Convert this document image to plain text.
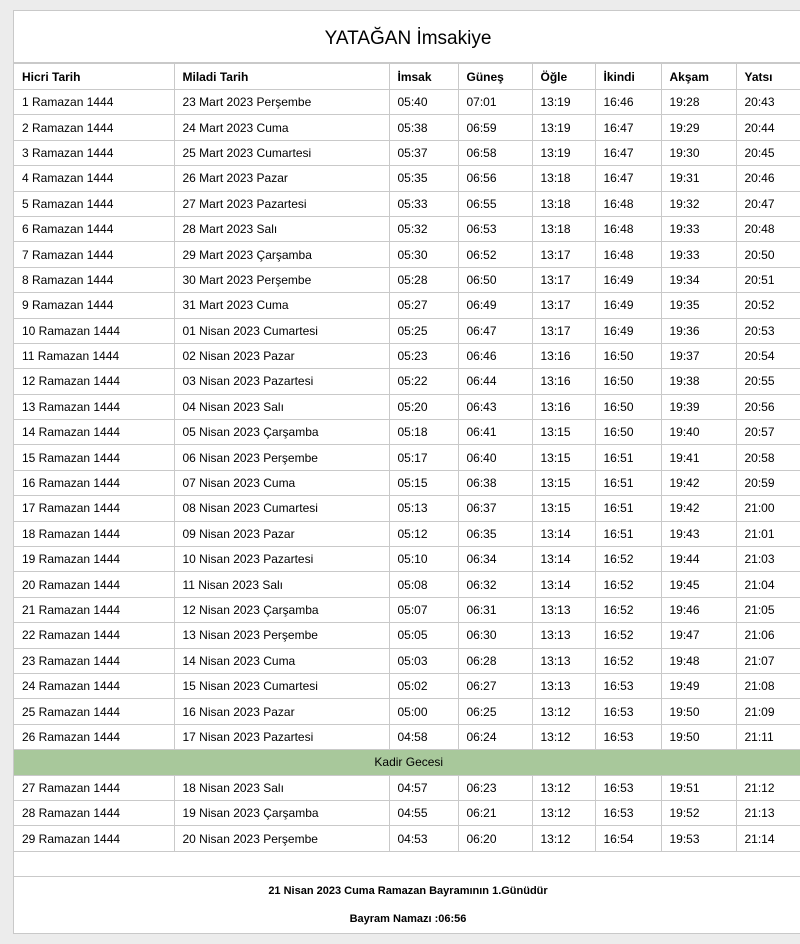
YATAĞAN İmsakiye
Hicri Tarih	Miladi Tarih	İmsak	Güneş	Öğle	İkindi	Akşam	Yatsı
1 Ramazan 1444	23 Mart 2023 Perşembe	05:40	07:01	13:19	16:46	19:28	20:43
2 Ramazan 1444	24 Mart 2023 Cuma	05:38	06:59	13:19	16:47	19:29	20:44
3 Ramazan 1444	25 Mart 2023 Cumartesi	05:37	06:58	13:19	16:47	19:30	20:45
4 Ramazan 1444	26 Mart 2023 Pazar	05:35	06:56	13:18	16:47	19:31	20:46
5 Ramazan 1444	27 Mart 2023 Pazartesi	05:33	06:55	13:18	16:48	19:32	20:47
6 Ramazan 1444	28 Mart 2023 Salı	05:32	06:53	13:18	16:48	19:33	20:48
7 Ramazan 1444	29 Mart 2023 Çarşamba	05:30	06:52	13:17	16:48	19:33	20:50
8 Ramazan 1444	30 Mart 2023 Perşembe	05:28	06:50	13:17	16:49	19:34	20:51
9 Ramazan 1444	31 Mart 2023 Cuma	05:27	06:49	13:17	16:49	19:35	20:52
10 Ramazan 1444	01 Nisan 2023 Cumartesi	05:25	06:47	13:17	16:49	19:36	20:53
11 Ramazan 1444	02 Nisan 2023 Pazar	05:23	06:46	13:16	16:50	19:37	20:54
12 Ramazan 1444	03 Nisan 2023 Pazartesi	05:22	06:44	13:16	16:50	19:38	20:55
13 Ramazan 1444	04 Nisan 2023 Salı	05:20	06:43	13:16	16:50	19:39	20:56
14 Ramazan 1444	05 Nisan 2023 Çarşamba	05:18	06:41	13:15	16:50	19:40	20:57
15 Ramazan 1444	06 Nisan 2023 Perşembe	05:17	06:40	13:15	16:51	19:41	20:58
16 Ramazan 1444	07 Nisan 2023 Cuma	05:15	06:38	13:15	16:51	19:42	20:59
17 Ramazan 1444	08 Nisan 2023 Cumartesi	05:13	06:37	13:15	16:51	19:42	21:00
18 Ramazan 1444	09 Nisan 2023 Pazar	05:12	06:35	13:14	16:51	19:43	21:01
19 Ramazan 1444	10 Nisan 2023 Pazartesi	05:10	06:34	13:14	16:52	19:44	21:03
20 Ramazan 1444	11 Nisan 2023 Salı	05:08	06:32	13:14	16:52	19:45	21:04
21 Ramazan 1444	12 Nisan 2023 Çarşamba	05:07	06:31	13:13	16:52	19:46	21:05
22 Ramazan 1444	13 Nisan 2023 Perşembe	05:05	06:30	13:13	16:52	19:47	21:06
23 Ramazan 1444	14 Nisan 2023 Cuma	05:03	06:28	13:13	16:52	19:48	21:07
24 Ramazan 1444	15 Nisan 2023 Cumartesi	05:02	06:27	13:13	16:53	19:49	21:08
25 Ramazan 1444	16 Nisan 2023 Pazar	05:00	06:25	13:12	16:53	19:50	21:09
26 Ramazan 1444	17 Nisan 2023 Pazartesi	04:58	06:24	13:12	16:53	19:50	21:11
Kadir Gecesi							
27 Ramazan 1444	18 Nisan 2023 Salı	04:57	06:23	13:12	16:53	19:51	21:12
28 Ramazan 1444	19 Nisan 2023 Çarşamba	04:55	06:21	13:12	16:53	19:52	21:13
29 Ramazan 1444	20 Nisan 2023 Perşembe	04:53	06:20	13:12	16:54	19:53	21:14
21 Nisan 2023 Cuma Ramazan Bayramının 1.Günüdür
Bayram Namazı :06:56
